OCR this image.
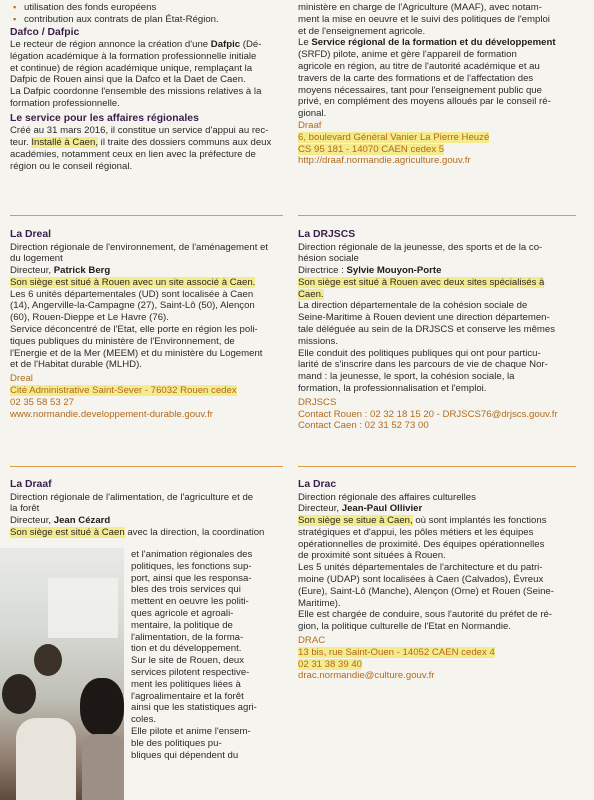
▪ utilisation des fonds européens

▪ contribution aux contrats de plan État-Région.

Dafco / Dafpic

Le recteur de région annonce la création d'une Dafpic (Dé-

légation académique à la formation professionnelle initiale

et continue) de région académique unique, remplaçant la

Dafpic de Rouen ainsi que la Dafco et la Daet de Caen.

La Dafpic coordonne l'ensemble des missions relatives à la

formation professionnelle.

Le service pour les affaires régionales

Créé au 31 mars 2016, il constitue un service d'appui au rec-

teur. Installé à Caen, il traite des dossiers communs aux deux

académies, notamment ceux en lien avec la préfecture de

région ou le conseil régional.

ministère en charge de l'Agriculture (MAAF), avec notam-

ment la mise en oeuvre et le suivi des politiques de l'emploi

et de l'enseignement agricole.

Le Service régional de la formation et du développement

(SRFD) pilote, anime et gère l'appareil de formation

agricole en région, au titre de l'autorité académique et au

travers de la carte des formations et de l'affectation des

moyens nécessaires, tant pour l'enseignement public que

privé, en complément des moyens alloués par le conseil ré-

gional.

Draaf

6, boulevard Général Vanier La Pierre Heuzé

CS 95 181 - 14070 CAEN cedex 5

http://draaf.normandie.agriculture.gouv.fr

La Dreal

Direction régionale de l'environnement, de l'aménagement et

du logement

Directeur, Patrick Berg

Son siège est situé à Rouen avec un site associé à Caen.

Les 6 unités départementales (UD) sont localisée à Caen

(14), Angerville-la-Campagne (27), Saint-Lô (50), Alençon

(60), Rouen-Dieppe et Le Havre (76).

Service déconcentré de l'Etat, elle porte en région les poli-

tiques publiques du ministère de l'Environnement, de

l'Energie et de la Mer (MEEM) et du ministère du Logement

et de l'Habitat durable (MLHD).

Dreal

Cité Administrative Saint-Sever - 76032 Rouen cedex

02 35 58 53 27

www.normandie.developpement-durable.gouv.fr

La DRJSCS

Direction régionale de la jeunesse, des sports et de la co-

hésion sociale

Directrice : Sylvie Mouyon-Porte

Son siège est situé à Rouen avec deux sites spécialisés à

Caen.

La direction départementale de la cohésion sociale de

Seine-Maritime à Rouen devient une direction départemen-

tale déléguée au sein de la DRJSCS et conserve les mêmes

missions.

Elle conduit des politiques publiques qui ont pour particu-

larité de s'inscrire dans les parcours de vie de chaque Nor-

mand : la jeunesse, le sport, la cohésion sociale, la

formation, la professionnalisation et l'emploi.

DRJSCS

Contact Rouen : 02 32 18 15 20 - DRJSCS76@drjscs.gouv.fr

Contact Caen : 02 31 52 73 00

La Draaf

Direction régionale de l'alimentation, de l'agriculture et de

la forêt

Directeur, Jean Cézard

Son siège est situé à Caen avec la direction, la coordination

et l'animation régionales des

politiques, les fonctions sup-

port, ainsi que les responsa-

bles des trois services qui

mettent en oeuvre les politi-

ques agricole et agroali-

mentaire, la politique de

l'alimentation, de la forma-

tion et du développement.

Sur le site de Rouen, deux

services pilotent respective-

ment les politiques liées à

l'agroalimentaire et la forêt

ainsi que les statistiques agri-

coles.

Elle pilote et anime l'ensem-

ble des politiques pu-

bliques qui dépendent du

La Drac

Direction régionale des affaires culturelles

Directeur, Jean-Paul Ollivier

Son siège se situe à Caen, où sont implantés les fonctions

stratégiques et d'appui, les pôles métiers et les équipes

opérationnelles de proximité. Des équipes opérationnelles

de proximité sont situées à Rouen.

Les 5 unités départementales de l'architecture et du patri-

moine (UDAP) sont localisées à Caen (Calvados), Évreux

(Eure), Saint-Lô (Manche), Alençon (Orne) et Rouen (Seine-

Maritime).

Elle est chargée de conduire, sous l'autorité du préfet de ré-

gion, la politique culturelle de l'Etat en Normandie.

DRAC

13 bis, rue Saint-Ouen - 14052 CAEN cedex 4

02 31 38 39 40

drac.normandie@culture.gouv.fr
